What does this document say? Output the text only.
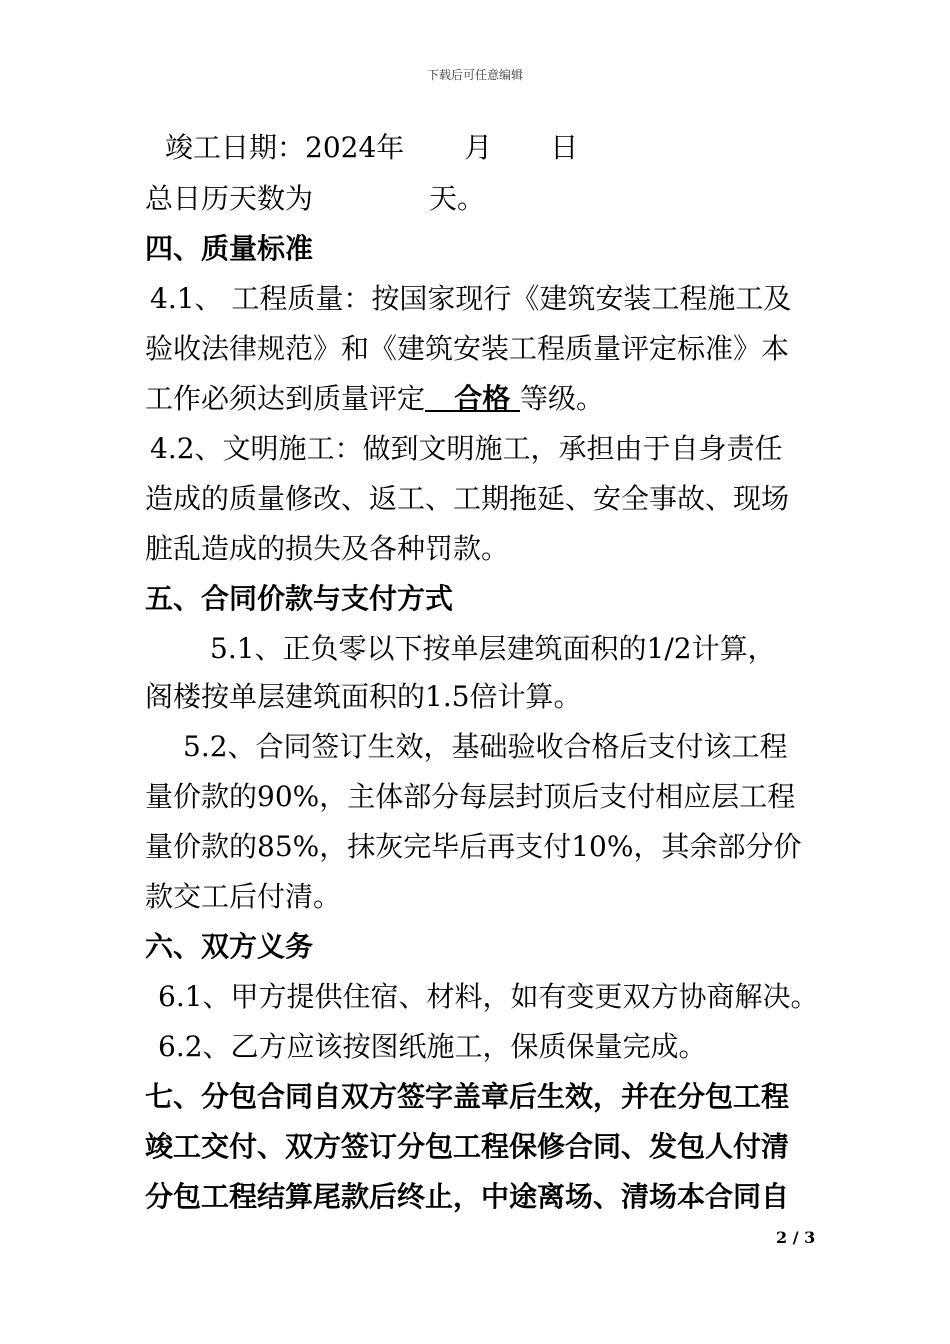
下载后可任意编辑
竣工日期：2024年 月 日
总日历天数为	天。
四、质量标准
4.1、 工程质量：按国家现行《建筑安装工程施工及
验收法律规范》和《建筑安装工程质量评定标准》本
工作必须达到质量评定 合格 等级。
4.2、文明施工：做到文明施工，承担由于自身责任
造成的质量修改、返工、工期拖延、安全事故、现场
脏乱造成的损失及各种罚款。
五、合同价款与支付方式
5.1、正负零以下按单层建筑面积的1/2计算，
阁楼按单层建筑面积的1.5倍计算。
5.2、合同签订生效，基础验收合格后支付该工程
量价款的90%，主体部分每层封顶后支付相应层工程
量价款的85%，抹灰完毕后再支付10%，其余部分价
款交工后付清。
六、双方义务
6.1、甲方提供住宿、材料，如有变更双方协商解决。
6.2、乙方应该按图纸施工，保质保量完成。
七、分包合同自双方签字盖章后生效，并在分包工程
竣工交付、双方签订分包工程保修合同、发包人付清
分包工程结算尾款后终止，中途离场、清场本合同自
2 / 3
